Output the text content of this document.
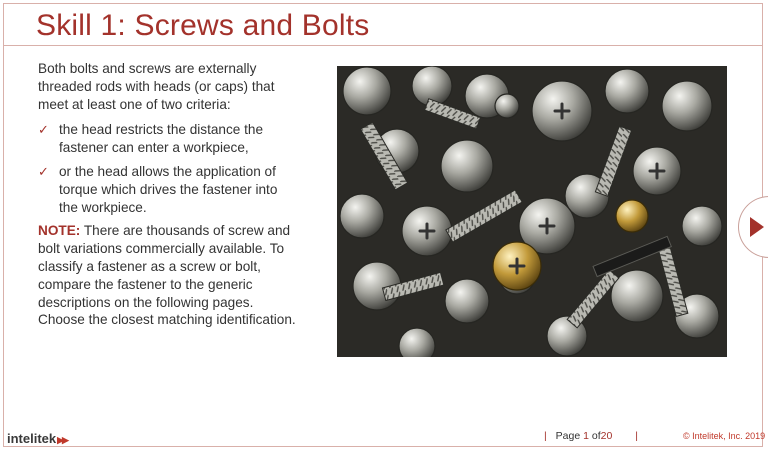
Skill 1: Screws and Bolts

Both bolts and screws are externally threaded rods with heads (or caps) that meet at least one of two criteria:

✓ the head restricts the distance the fastener can enter a workpiece,
✓ or the head allows the application of torque which drives the fastener into the workpiece.

NOTE: There are thousands of screw and bolt variations commercially available. To classify a fastener as a screw or bolt, compare the fastener to the generic descriptions on the following pages. Choose the closest matching identification.

intelitek▶▶	| Page 1 of20 |	© Intelitek, Inc. 2019
